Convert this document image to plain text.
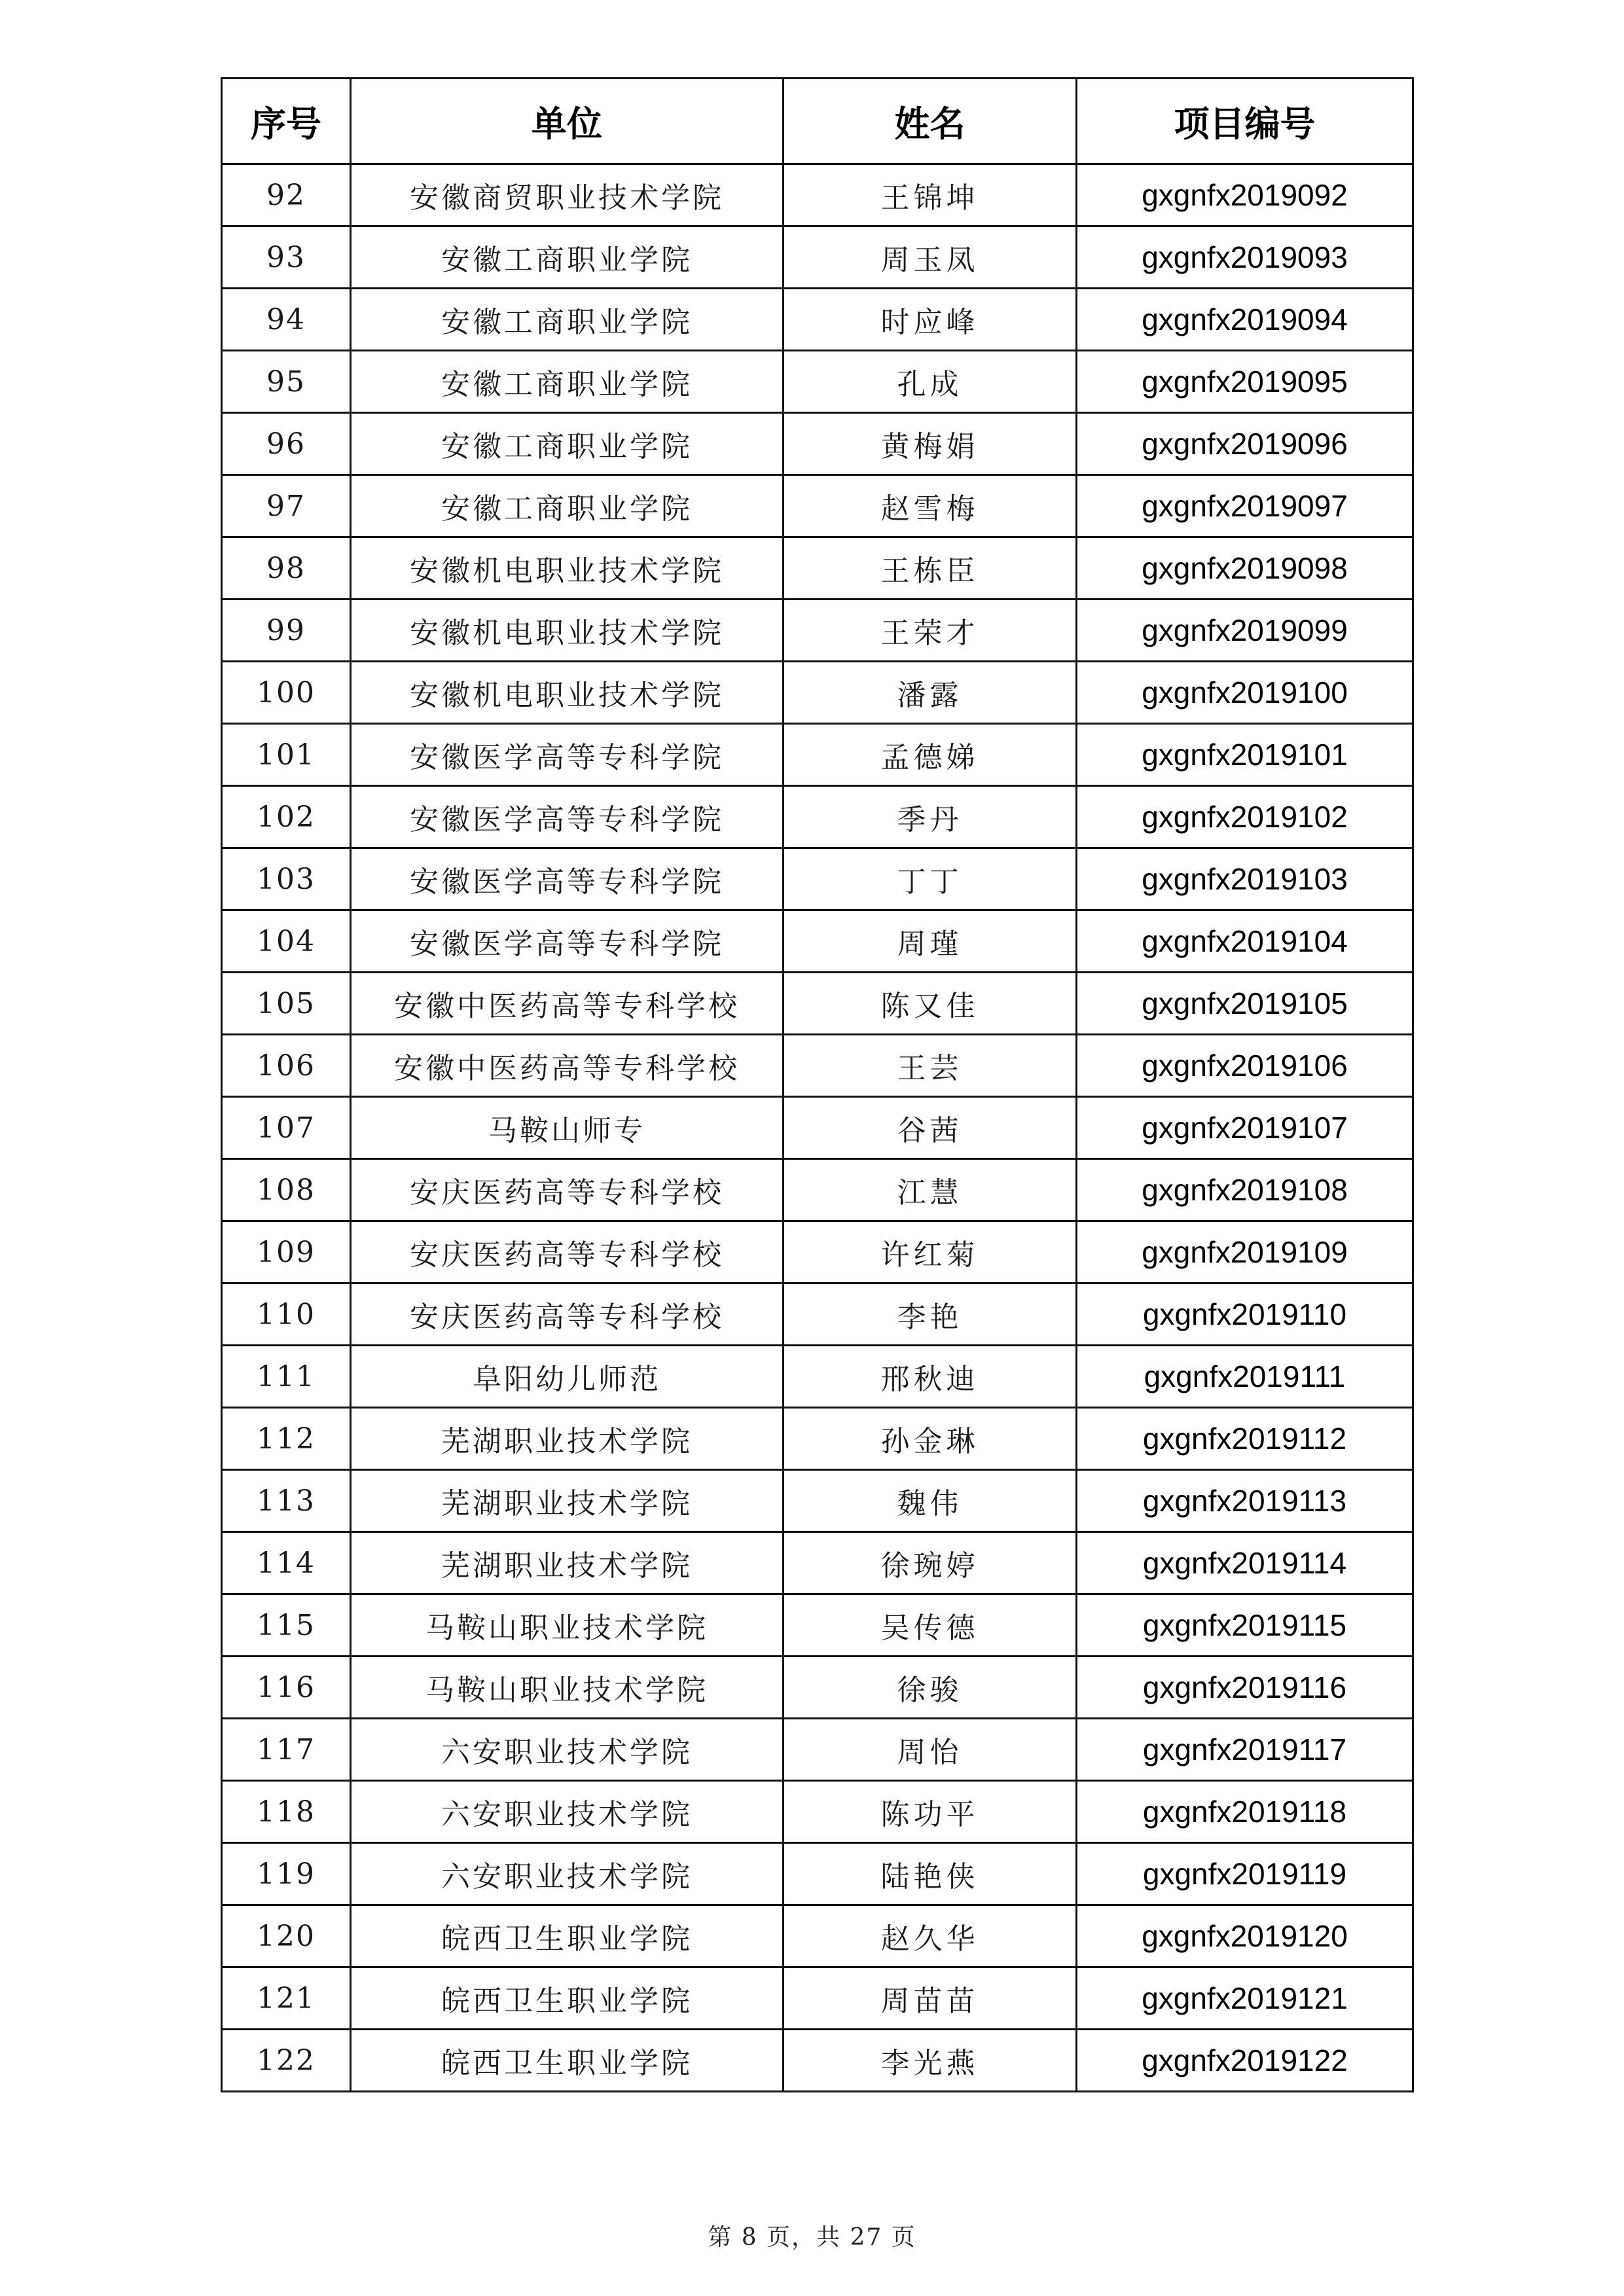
序号	单位	姓名	项目编号
92	安徽商贸职业技术学院	王锦坤	gxgnfx2019092
93	安徽工商职业学院	周玉凤	gxgnfx2019093
94	安徽工商职业学院	时应峰	gxgnfx2019094
95	安徽工商职业学院	孔成	gxgnfx2019095
96	安徽工商职业学院	黄梅娟	gxgnfx2019096
97	安徽工商职业学院	赵雪梅	gxgnfx2019097
98	安徽机电职业技术学院	王栋臣	gxgnfx2019098
99	安徽机电职业技术学院	王荣才	gxgnfx2019099
100	安徽机电职业技术学院	潘露	gxgnfx2019100
101	安徽医学高等专科学院	孟德娣	gxgnfx2019101
102	安徽医学高等专科学院	季丹	gxgnfx2019102
103	安徽医学高等专科学院	丁丁	gxgnfx2019103
104	安徽医学高等专科学院	周瑾	gxgnfx2019104
105	安徽中医药高等专科学校	陈又佳	gxgnfx2019105
106	安徽中医药高等专科学校	王芸	gxgnfx2019106
107	马鞍山师专	谷茜	gxgnfx2019107
108	安庆医药高等专科学校	江慧	gxgnfx2019108
109	安庆医药高等专科学校	许红菊	gxgnfx2019109
110	安庆医药高等专科学校	李艳	gxgnfx2019110
111	阜阳幼儿师范	邢秋迪	gxgnfx2019111
112	芜湖职业技术学院	孙金琳	gxgnfx2019112
113	芜湖职业技术学院	魏伟	gxgnfx2019113
114	芜湖职业技术学院	徐琬婷	gxgnfx2019114
115	马鞍山职业技术学院	吴传德	gxgnfx2019115
116	马鞍山职业技术学院	徐骏	gxgnfx2019116
117	六安职业技术学院	周怡	gxgnfx2019117
118	六安职业技术学院	陈功平	gxgnfx2019118
119	六安职业技术学院	陆艳侠	gxgnfx2019119
120	皖西卫生职业学院	赵久华	gxgnfx2019120
121	皖西卫生职业学院	周苗苗	gxgnfx2019121
122	皖西卫生职业学院	李光燕	gxgnfx2019122
第 8 页，共 27 页
